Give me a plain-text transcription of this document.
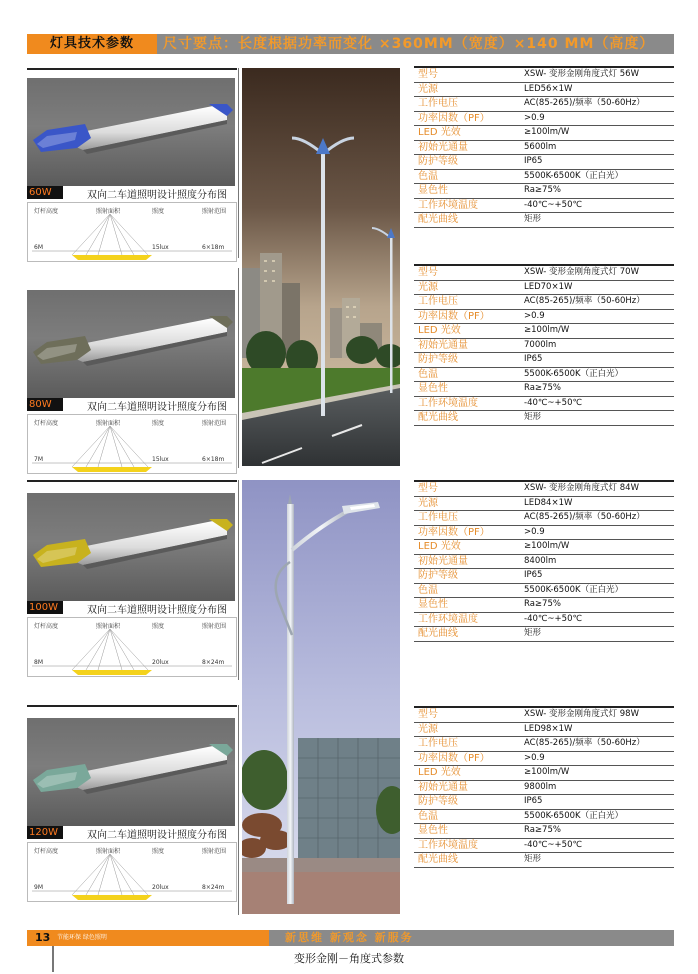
灯具技术参数	尺寸要点：长度根据功率而变化 ×360MM（宽度）×140 MM（高度）
60W	双向二车道照明设计照度分布图
灯杆高度	照射面积	照度	照射范围
6M	15lux	6×18m
80W	双向二车道照明设计照度分布图
灯杆高度	照射面积	照度	照射范围
7M	15lux	6×18m
100W	双向二车道照明设计照度分布图
灯杆高度	照射面积	照度	照射范围
8M	20lux	8×24m
120W	双向二车道照明设计照度分布图
灯杆高度	照射面积	照度	照射范围
9M	20lux	8×24m
型号	XSW- 变形金刚角度式灯 56W
光源	LED56×1W
工作电压	AC(85-265)/频率（50-60Hz）
功率因数（PF）	>0.9
LED 光效	≥100lm/W
初始光通量	5600lm
防护等级	IP65
色温	5500K-6500K（正白光）
显色性	Ra≥75%
工作环境温度	-40℃~+50℃
配光曲线	矩形
型号	XSW- 变形金刚角度式灯 70W
光源	LED70×1W
工作电压	AC(85-265)/频率（50-60Hz）
功率因数（PF）	>0.9
LED 光效	≥100lm/W
初始光通量	7000lm
防护等级	IP65
色温	5500K-6500K（正白光）
显色性	Ra≥75%
工作环境温度	-40℃~+50℃
配光曲线	矩形
型号	XSW- 变形金刚角度式灯 84W
光源	LED84×1W
工作电压	AC(85-265)/频率（50-60Hz）
功率因数（PF）	>0.9
LED 光效	≥100lm/W
初始光通量	8400lm
防护等级	IP65
色温	5500K-6500K（正白光）
显色性	Ra≥75%
工作环境温度	-40℃~+50℃
配光曲线	矩形
型号	XSW- 变形金刚角度式灯 98W
光源	LED98×1W
工作电压	AC(85-265)/频率（50-60Hz）
功率因数（PF）	>0.9
LED 光效	≥100lm/W
初始光通量	9800lm
防护等级	IP65
色温	5500K-6500K（正白光）
显色性	Ra≥75%
工作环境温度	-40℃~+50℃
配光曲线	矩形
13 节能环保 绿色照明	新思维 新观念 新服务
变形金刚－角度式参数
